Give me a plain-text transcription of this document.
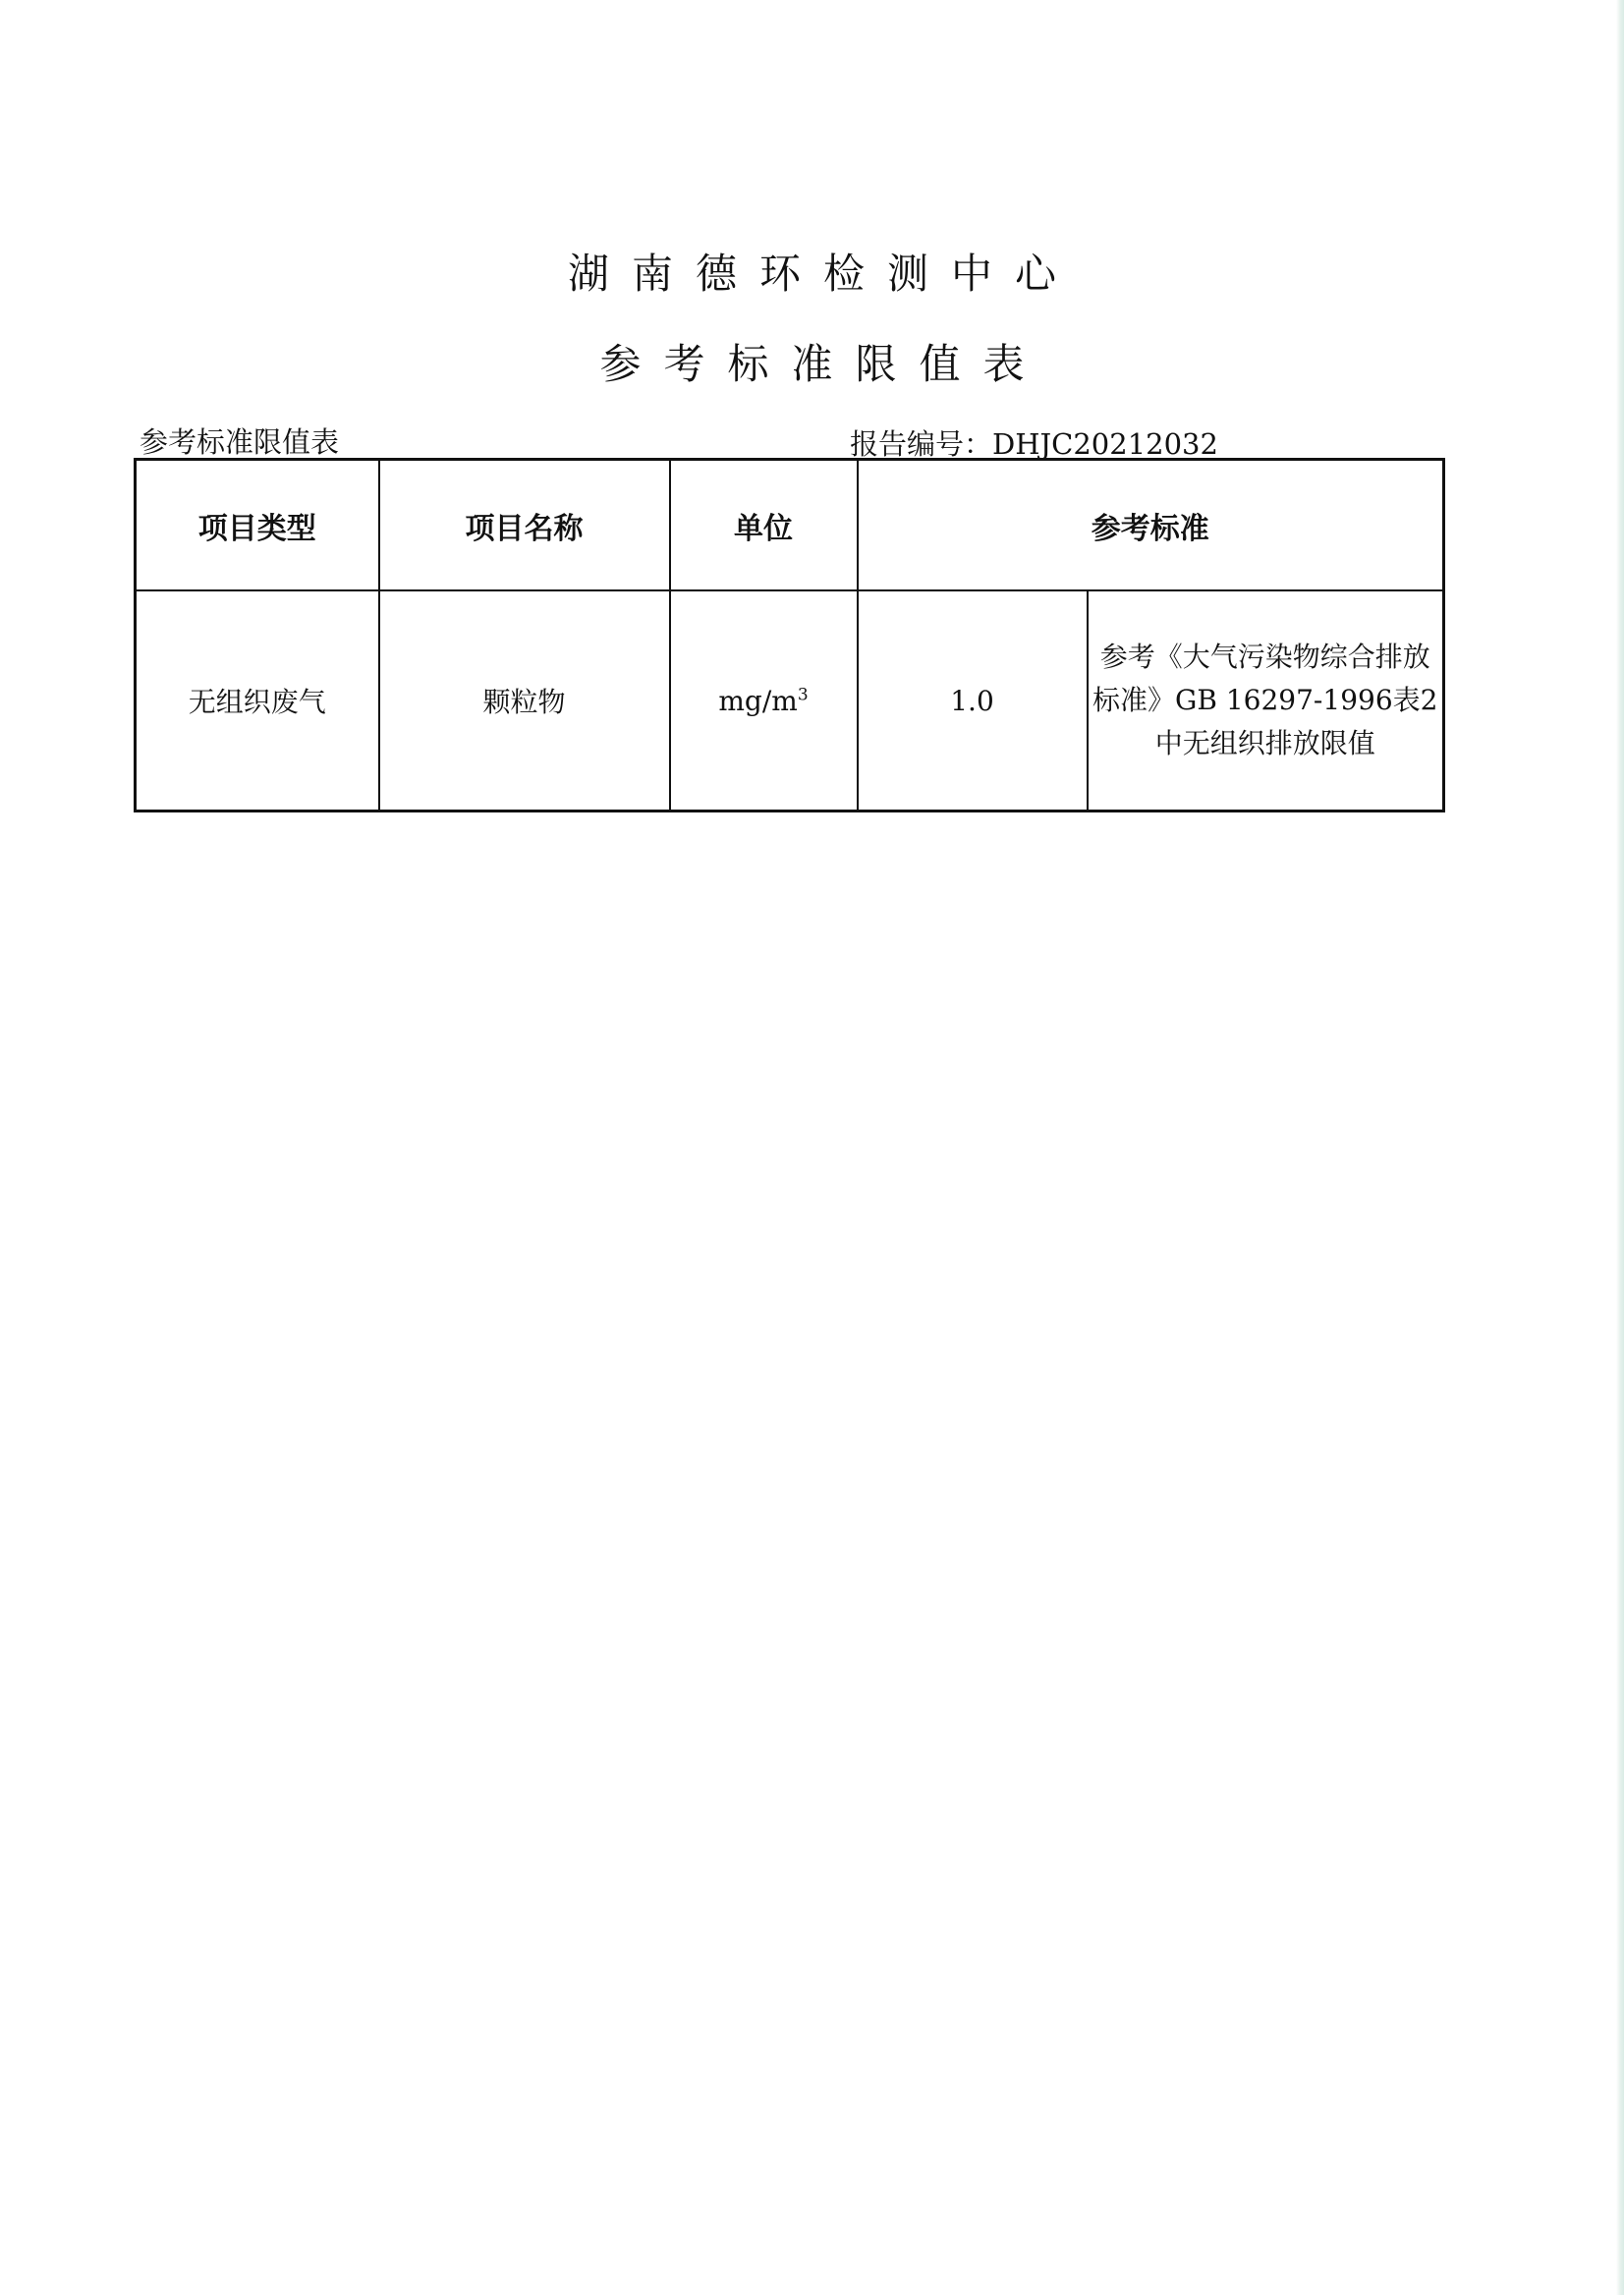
湖南德环检测中心
参考标准限值表
参考标准限值表	报告编号：DHJC20212032
项目类型	项目名称	单位	参考标准	
无组织废气	颗粒物	$mg/m^3$	1.0	参考《大气污染物综合排放标准》GB 16297-1996表2中无组织排放限值
